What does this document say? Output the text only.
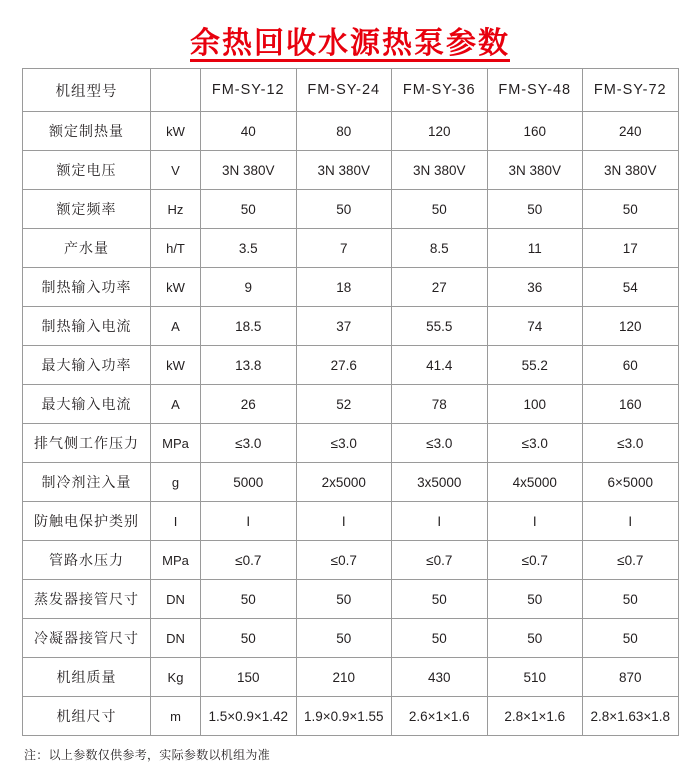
余热回收水源热泵参数
机组型号		FM-SY-12	FM-SY-24	FM-SY-36	FM-SY-48	FM-SY-72
额定制热量	kW	40	80	120	160	240
额定电压	V	3N 380V	3N 380V	3N 380V	3N 380V	3N 380V
额定频率	Hz	50	50	50	50	50
产水量	h/T	3.5	7	8.5	11	17
制热输入功率	kW	9	18	27	36	54
制热输入电流	A	18.5	37	55.5	74	120
最大输入功率	kW	13.8	27.6	41.4	55.2	60
最大输入电流	A	26	52	78	100	160
排气侧工作压力	MPa	≤3.0	≤3.0	≤3.0	≤3.0	≤3.0
制冷剂注入量	g	5000	2x5000	3x5000	4x5000	6×5000
防触电保护类别	I	I	I	I	I	I
管路水压力	MPa	≤0.7	≤0.7	≤0.7	≤0.7	≤0.7
蒸发器接管尺寸	DN	50	50	50	50	50
冷凝器接管尺寸	DN	50	50	50	50	50
机组质量	Kg	150	210	430	510	870
机组尺寸	m	1.5×0.9×1.42	1.9×0.9×1.55	2.6×1×1.6	2.8×1×1.6	2.8×1.63×1.8
注：以上参数仅供参考，实际参数以机组为准
